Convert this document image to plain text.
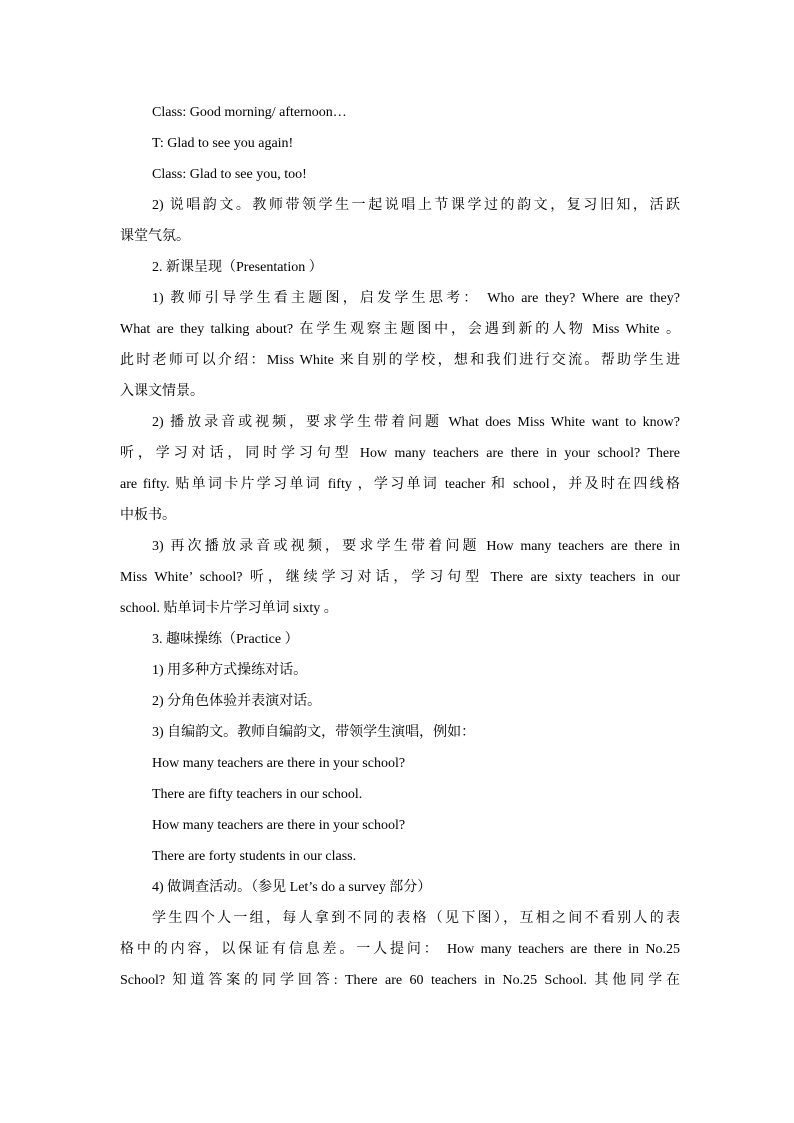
Class: Good morning/ afternoon…
T: Glad to see you again!
Class: Glad to see you, too!
2) 说唱韵文。教师带领学生一起说唱上节课学过的韵文，复习旧知，活跃
课堂气氛。
2. 新课呈现（Presentation ）
1) 教师引导学生看主题图，启发学生思考： Who are they? Where are they?
What are they talking about? 在学生观察主题图中，会遇到新的人物 Miss White 。
此时老师可以介绍：Miss White 来自别的学校，想和我们进行交流。帮助学生进
入课文情景。
2) 播放录音或视频，要求学生带着问题 What does Miss White want to know?
听，学习对话，同时学习句型 How many teachers are there in your school? There
are fifty. 贴单词卡片学习单词 fifty ，学习单词 teacher 和 school，并及时在四线格
中板书。
3) 再次播放录音或视频，要求学生带着问题 How many teachers are there in
Miss White’ school? 听，继续学习对话，学习句型 There are sixty teachers in our
school. 贴单词卡片学习单词 sixty 。
3. 趣味操练（Practice ）
1) 用多种方式操练对话。
2) 分角色体验并表演对话。
3) 自编韵文。教师自编韵文，带领学生演唱，例如：
How many teachers are there in your school?
There are fifty teachers in our school.
How many teachers are there in your school?
There are forty students in our class.
4) 做调查活动。（参见 Let’s do a survey 部分）
学生四个人一组，每人拿到不同的表格（见下图），互相之间不看别人的表
格中的内容，以保证有信息差。一人提问： How many teachers are there in No.25
School? 知道答案的同学回答: There are 60 teachers in No.25 School. 其他同学在
